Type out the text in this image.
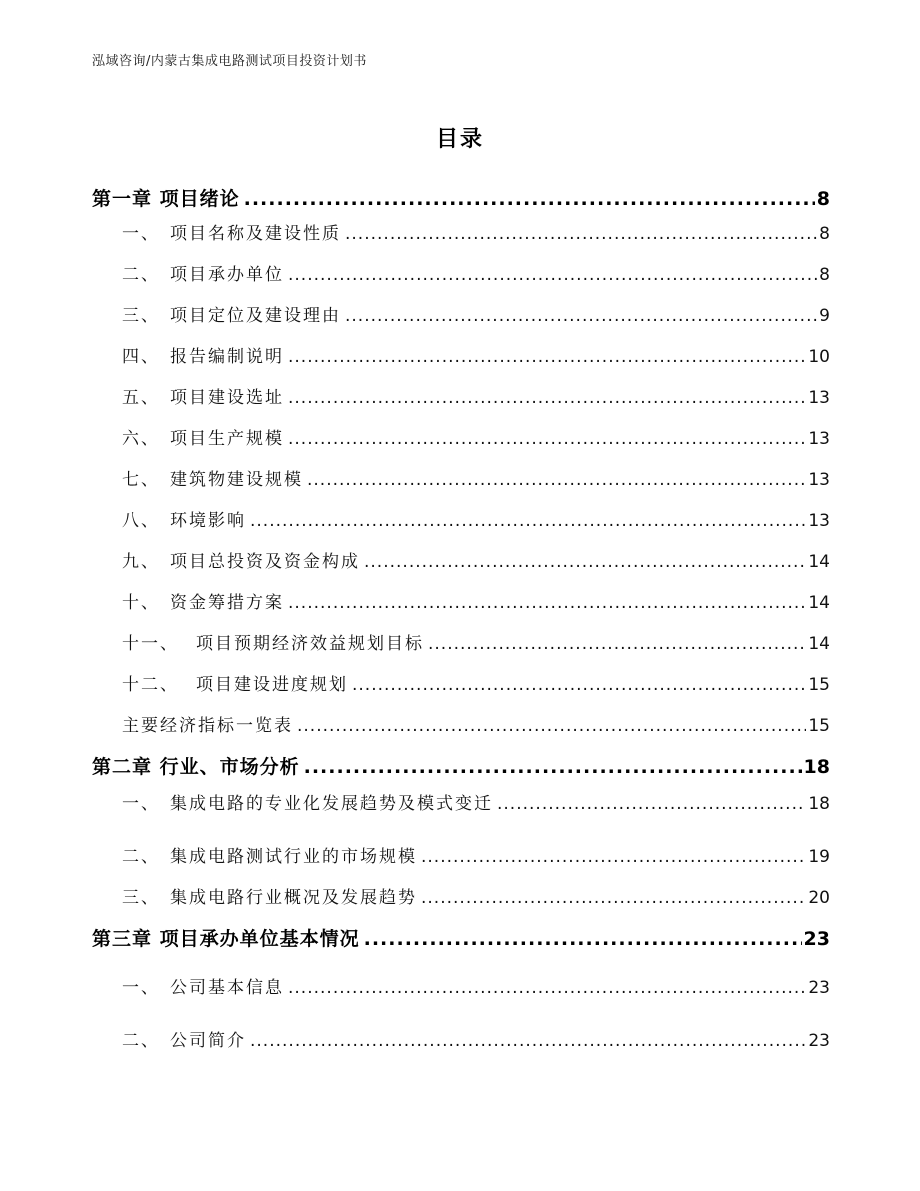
泓域咨询/内蒙古集成电路测试项目投资计划书
目录
第一章 项目绪论 .....	8
一、 项目名称及建设性质 .....	8
二、 项目承办单位 .....	8
三、 项目定位及建设理由 .....	9
四、 报告编制说明 .....	10
五、 项目建设选址 .....	13
六、 项目生产规模 .....	13
七、 建筑物建设规模 .....	13
八、 环境影响 .....	13
九、 项目总投资及资金构成 .....	14
十、 资金筹措方案 .....	14
十一、 项目预期经济效益规划目标 .....	14
十二、 项目建设进度规划 .....	15
主要经济指标一览表 .....	15
第二章 行业、市场分析 .....	18
一、 集成电路的专业化发展趋势及模式变迁 .....	18
二、 集成电路测试行业的市场规模 .....	19
三、 集成电路行业概况及发展趋势 .....	20
第三章 项目承办单位基本情况 .....	23
一、 公司基本信息 .....	23
二、 公司简介 .....	23
